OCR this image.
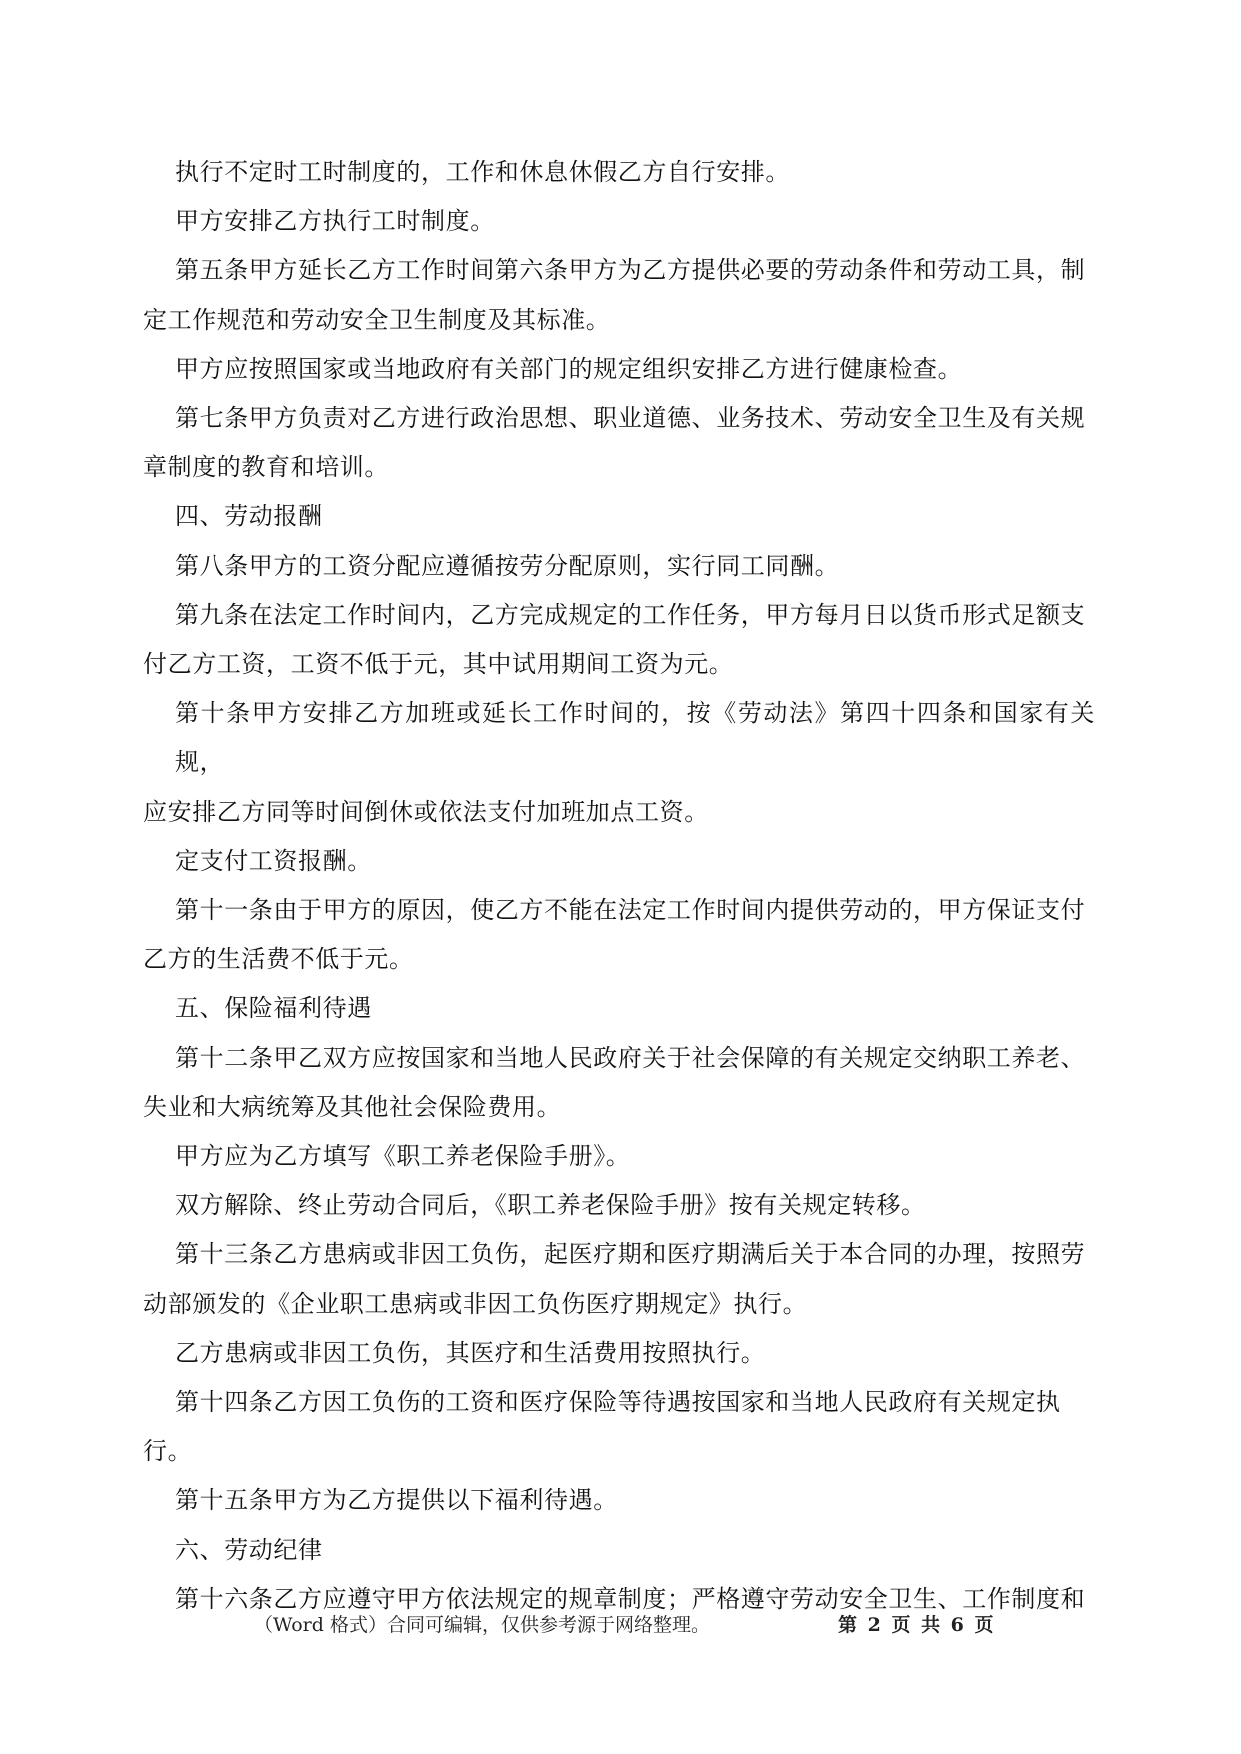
执行不定时工时制度的，工作和休息休假乙方自行安排。

甲方安排乙方执行工时制度。

第五条甲方延长乙方工作时间第六条甲方为乙方提供必要的劳动条件和劳动工具，制

定工作规范和劳动安全卫生制度及其标准。

甲方应按照国家或当地政府有关部门的规定组织安排乙方进行健康检查。

第七条甲方负责对乙方进行政治思想、职业道德、业务技术、劳动安全卫生及有关规

章制度的教育和培训。

四、劳动报酬

第八条甲方的工资分配应遵循按劳分配原则，实行同工同酬。

第九条在法定工作时间内，乙方完成规定的工作任务，甲方每月日以货币形式足额支

付乙方工资，工资不低于元，其中试用期间工资为元。

第十条甲方安排乙方加班或延长工作时间的，按《劳动法》第四十四条和国家有关规，

应安排乙方同等时间倒休或依法支付加班加点工资。

定支付工资报酬。

第十一条由于甲方的原因，使乙方不能在法定工作时间内提供劳动的，甲方保证支付

乙方的生活费不低于元。

五、保险福利待遇

第十二条甲乙双方应按国家和当地人民政府关于社会保障的有关规定交纳职工养老、

失业和大病统筹及其他社会保险费用。

甲方应为乙方填写《职工养老保险手册》。

双方解除、终止劳动合同后，《职工养老保险手册》按有关规定转移。

第十三条乙方患病或非因工负伤，起医疗期和医疗期满后关于本合同的办理，按照劳

动部颁发的《企业职工患病或非因工负伤医疗期规定》执行。

乙方患病或非因工负伤，其医疗和生活费用按照执行。

第十四条乙方因工负伤的工资和医疗保险等待遇按国家和当地人民政府有关规定执

行。

第十五条甲方为乙方提供以下福利待遇。

六、劳动纪律

第十六条乙方应遵守甲方依法规定的规章制度；严格遵守劳动安全卫生、工作制度和

（Word 格式）合同可编辑，仅供参考源于网络整理。	第 2 页 共 6 页
